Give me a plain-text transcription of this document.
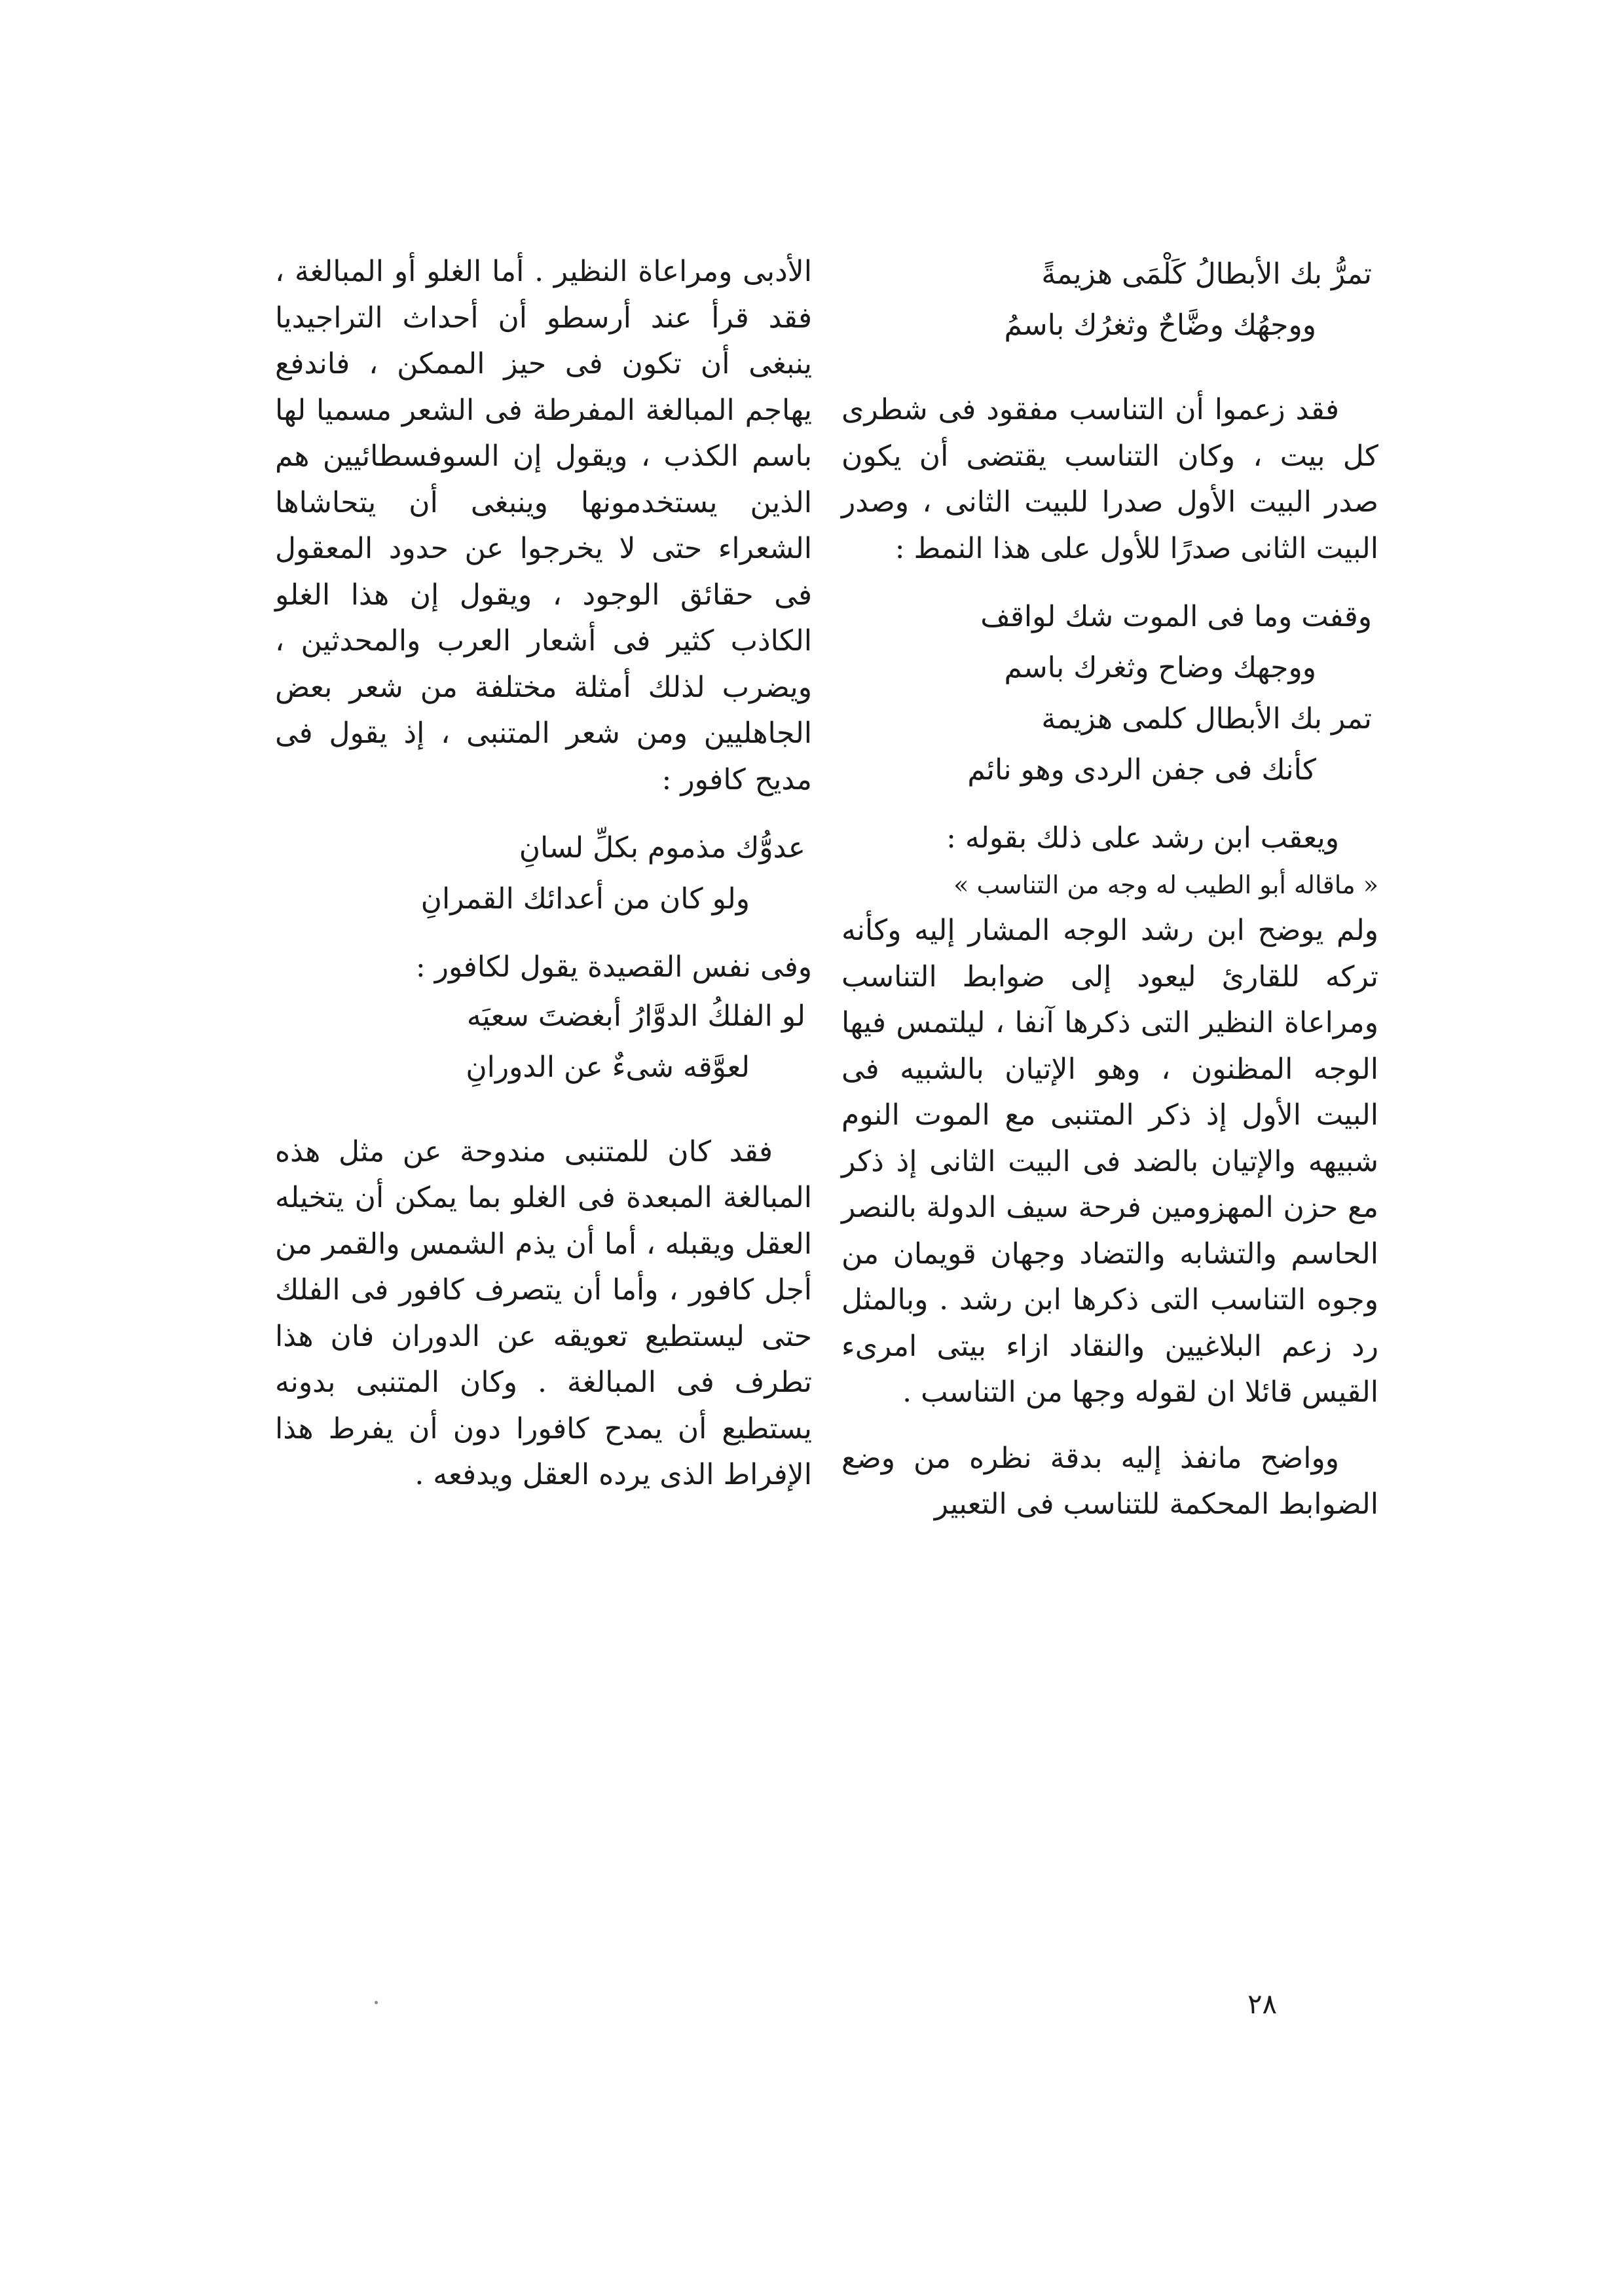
تمرُّ بك الأبطالُ كَلْمَى هزيمةً

ووجهُك وضَّاحٌ وثغرُك باسمُ

فقد زعموا أن التناسب مفقود فى شطرى كل بيت ، وكان التناسب يقتضى أن يكون صدر البيت الأول صدرا للبيت الثانى ، وصدر البيت الثانى صدرًا للأول على هذا النمط :

وقفت وما فى الموت شك لواقف

ووجهك وضاح وثغرك باسم

تمر بك الأبطال كلمى هزيمة

كأنك فى جفن الردى وهو نائم

ويعقب ابن رشد على ذلك بقوله :

« ماقاله أبو الطيب له وجه من التناسب »

ولم يوضح ابن رشد الوجه المشار إليه وكأنه تركه للقارئ ليعود إلى ضوابط التناسب ومراعاة النظير التى ذكرها آنفا ، ليلتمس فيها الوجه المظنون ، وهو الإتيان بالشبيه فى البيت الأول إذ ذكر المتنبى مع الموت النوم شبيهه والإتيان بالضد فى البيت الثانى إذ ذكر مع حزن المهزومين فرحة سيف الدولة بالنصر الحاسم والتشابه والتضاد وجهان قويمان من وجوه التناسب التى ذكرها ابن رشد . وبالمثل رد زعم البلاغيين والنقاد ازاء بيتى امرىء القيس قائلا ان لقوله وجها من التناسب .

وواضح مانفذ إليه بدقة نظره من وضع الضوابط المحكمة للتناسب فى التعبير

الأدبى ومراعاة النظير . أما الغلو أو المبالغة ، فقد قرأ عند أرسطو أن أحداث التراجيديا ينبغى أن تكون فى حيز الممكن ، فاندفع يهاجم المبالغة المفرطة فى الشعر مسميا لها باسم الكذب ، ويقول إن السوفسطائيين هم الذين يستخدمونها وينبغى أن يتحاشاها الشعراء حتى لا يخرجوا عن حدود المعقول فى حقائق الوجود ، ويقول إن هذا الغلو الكاذب كثير فى أشعار العرب والمحدثين ، ويضرب لذلك أمثلة مختلفة من شعر بعض الجاهليين ومن شعر المتنبى ، إذ يقول فى مديح كافور :

عدوُّك مذموم بكلِّ لسانِ

ولو كان من أعدائك القمرانِ

وفى نفس القصيدة يقول لكافور :

لو الفلكُ الدوَّارُ أبغضتَ سعيَه

لعوَّقه شىءٌ عن الدورانِ

فقد كان للمتنبى مندوحة عن مثل هذه المبالغة المبعدة فى الغلو بما يمكن أن يتخيله العقل ويقبله ، أما أن يذم الشمس والقمر من أجل كافور ، وأما أن يتصرف كافور فى الفلك حتى ليستطيع تعويقه عن الدوران فان هذا تطرف فى المبالغة . وكان المتنبى بدونه يستطيع أن يمدح كافورا دون أن يفرط هذا الإفراط الذى يرده العقل ويدفعه .

٢٨
